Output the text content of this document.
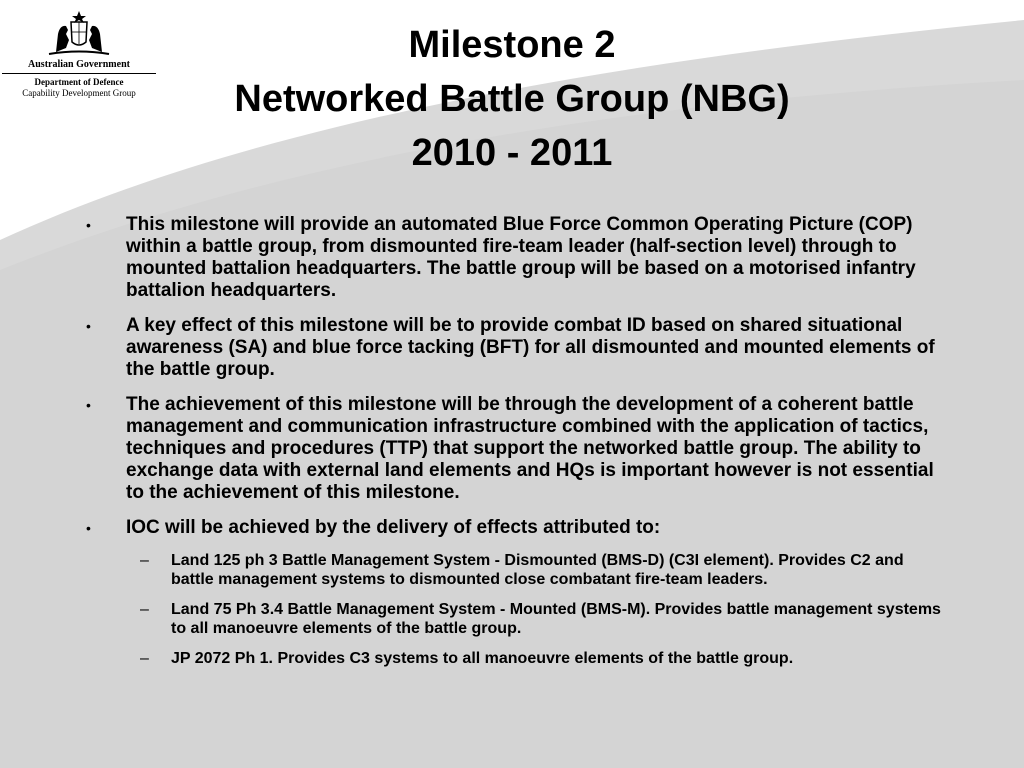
Australian Government
Department of Defence
Capability Development Group
Milestone 2
Networked Battle Group (NBG)
2010 - 2011
• This milestone will provide an automated Blue Force Common Operating Picture (COP) within a battle group, from dismounted fire-team leader (half-section level) through to mounted battalion headquarters. The battle group will be based on a motorised infantry battalion headquarters.
• A key effect of this milestone will be to provide combat ID based on shared situational awareness (SA) and blue force tacking (BFT) for all dismounted and mounted elements of the battle group.
• The achievement of this milestone will be through the development of a coherent battle management and communication infrastructure combined with the application of tactics, techniques and procedures (TTP) that support the networked battle group. The ability to exchange data with external land elements and HQs is important however is not essential to the achievement of this milestone.
• IOC will be achieved by the delivery of effects attributed to:
– Land 125 ph 3 Battle Management System - Dismounted (BMS-D) (C3I element). Provides C2 and battle management systems to dismounted close combatant fire-team leaders.
– Land 75 Ph 3.4 Battle Management System - Mounted (BMS-M). Provides battle management systems to all manoeuvre elements of the battle group.
– JP 2072 Ph 1. Provides C3 systems to all manoeuvre elements of the battle group.
